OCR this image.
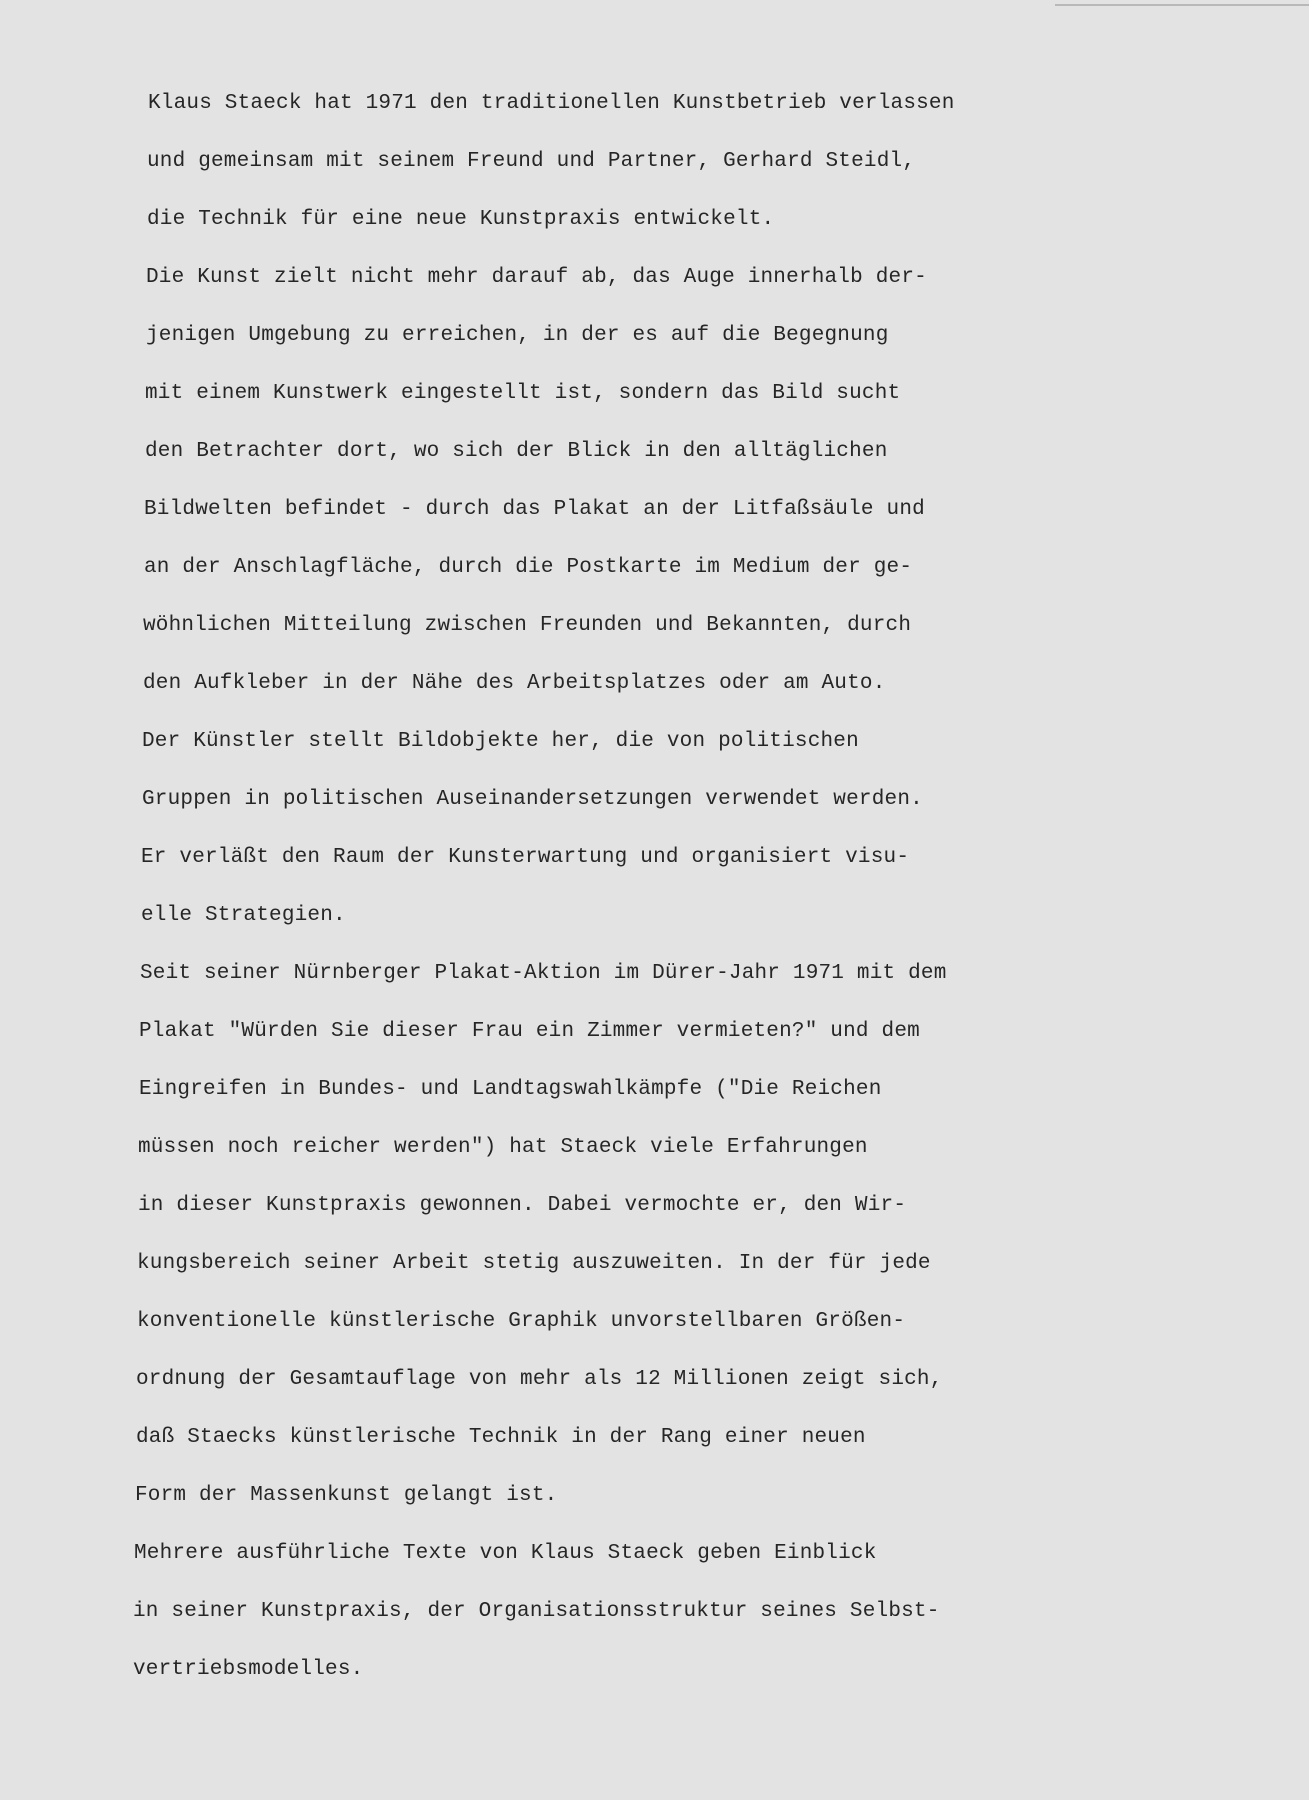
Klaus Staeck hat 1971 den traditionellen Kunstbetrieb verlassen

und gemeinsam mit seinem Freund und Partner, Gerhard Steidl,

die Technik für eine neue Kunstpraxis entwickelt.

Die Kunst zielt nicht mehr darauf ab, das Auge innerhalb der-

jenigen Umgebung zu erreichen, in der es auf die Begegnung

mit einem Kunstwerk eingestellt ist, sondern das Bild sucht

den Betrachter dort, wo sich der Blick in den alltäglichen

Bildwelten befindet - durch das Plakat an der Litfaßsäule und

an der Anschlagfläche, durch die Postkarte im Medium der ge-

wöhnlichen Mitteilung zwischen Freunden und Bekannten, durch

den Aufkleber in der Nähe des Arbeitsplatzes oder am Auto.

Der Künstler stellt Bildobjekte her, die von politischen

Gruppen in politischen Auseinandersetzungen verwendet werden.

Er verläßt den Raum der Kunsterwartung und organisiert visu-

elle Strategien.

Seit seiner Nürnberger Plakat-Aktion im Dürer-Jahr 1971 mit dem

Plakat "Würden Sie dieser Frau ein Zimmer vermieten?" und dem

Eingreifen in Bundes- und Landtagswahlkämpfe ("Die Reichen

müssen noch reicher werden") hat Staeck viele Erfahrungen

in dieser Kunstpraxis gewonnen. Dabei vermochte er, den Wir-

kungsbereich seiner Arbeit stetig auszuweiten. In der für jede

konventionelle künstlerische Graphik unvorstellbaren Größen-

ordnung der Gesamtauflage von mehr als 12 Millionen zeigt sich,

daß Staecks künstlerische Technik in der Rang einer neuen

Form der Massenkunst gelangt ist.

Mehrere ausführliche Texte von Klaus Staeck geben Einblick

in seiner Kunstpraxis, der Organisationsstruktur seines Selbst-

vertriebsmodelles.
